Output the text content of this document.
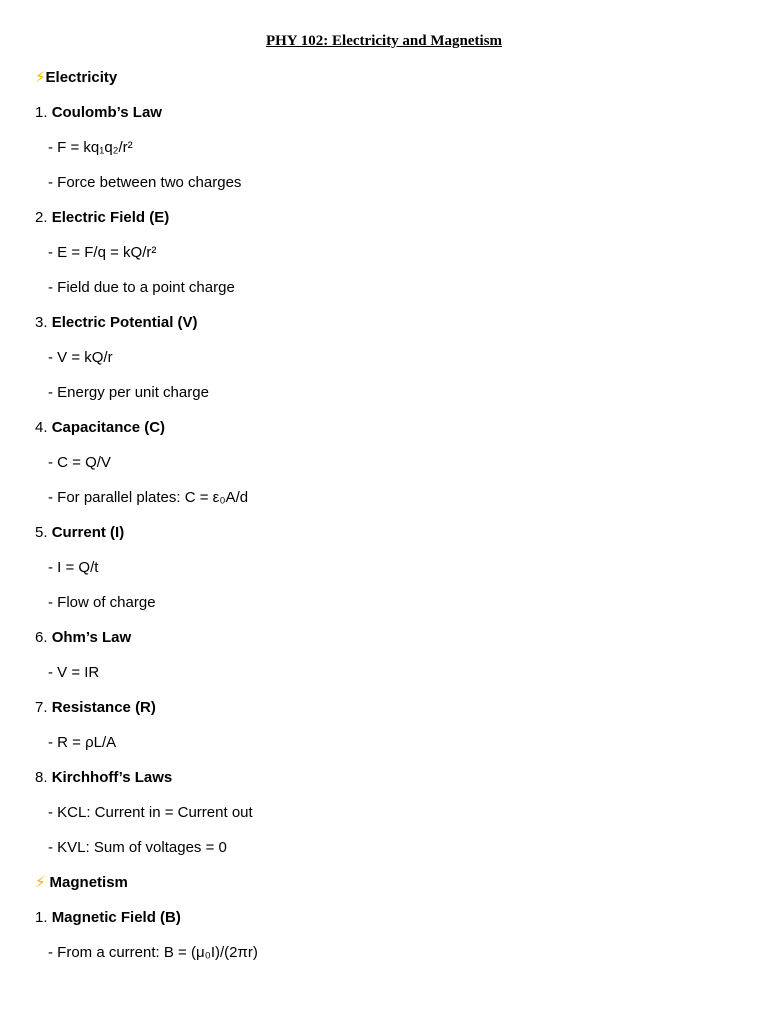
PHY 102: Electricity and Magnetism
⚡Electricity
1. Coulomb’s Law
- F = kq₁q₂/r²
- Force between two charges
2. Electric Field (E)
- E = F/q = kQ/r²
- Field due to a point charge
3. Electric Potential (V)
- V = kQ/r
- Energy per unit charge
4. Capacitance (C)
- C = Q/V
- For parallel plates: C = ε₀A/d
5. Current (I)
- I = Q/t
- Flow of charge
6. Ohm’s Law
- V = IR
7. Resistance (R)
- R = ρL/A
8. Kirchhoff’s Laws
- KCL: Current in = Current out
- KVL: Sum of voltages = 0
⚡ Magnetism
1. Magnetic Field (B)
- From a current: B = (μ₀I)/(2πr)
